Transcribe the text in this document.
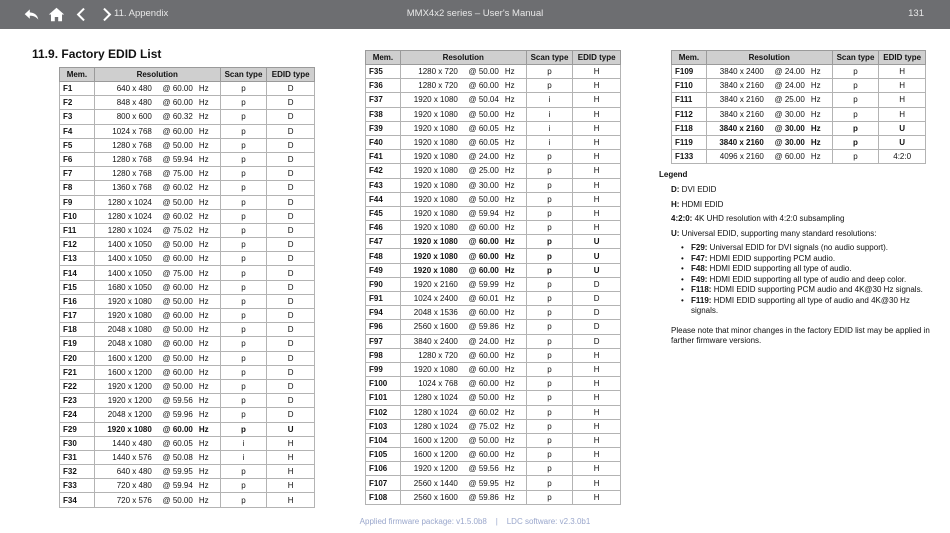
11. Appendix	MMX4x2 series – User's Manual	131
11.9. Factory EDID List
Mem.	Resolution	Scan type	EDID type
F1	640 x 480 @ 60.00 Hz	p	D
F2	848 x 480 @ 60.00 Hz	p	D
F3	800 x 600 @ 60.32 Hz	p	D
F4	1024 x 768 @ 60.00 Hz	p	D
F5	1280 x 768 @ 50.00 Hz	p	D
F6	1280 x 768 @ 59.94 Hz	p	D
F7	1280 x 768 @ 75.00 Hz	p	D
F8	1360 x 768 @ 60.02 Hz	p	D
F9	1280 x 1024 @ 50.00 Hz	p	D
F10	1280 x 1024 @ 60.02 Hz	p	D
F11	1280 x 1024 @ 75.02 Hz	p	D
F12	1400 x 1050 @ 50.00 Hz	p	D
F13	1400 x 1050 @ 60.00 Hz	p	D
F14	1400 x 1050 @ 75.00 Hz	p	D
F15	1680 x 1050 @ 60.00 Hz	p	D
F16	1920 x 1080 @ 50.00 Hz	p	D
F17	1920 x 1080 @ 60.00 Hz	p	D
F18	2048 x 1080 @ 50.00 Hz	p	D
F19	2048 x 1080 @ 60.00 Hz	p	D
F20	1600 x 1200 @ 50.00 Hz	p	D
F21	1600 x 1200 @ 60.00 Hz	p	D
F22	1920 x 1200 @ 50.00 Hz	p	D
F23	1920 x 1200 @ 59.56 Hz	p	D
F24	2048 x 1200 @ 59.96 Hz	p	D
F29	1920 x 1080 @ 60.00 Hz	p	U
F30	1440 x 480 @ 60.05 Hz	i	H
F31	1440 x 576 @ 50.08 Hz	i	H
F32	640 x 480 @ 59.95 Hz	p	H
F33	720 x 480 @ 59.94 Hz	p	H
F34	720 x 576 @ 50.00 Hz	p	H
Mem.	Resolution	Scan type	EDID type
F35	1280 x 720 @ 50.00 Hz	p	H
F36	1280 x 720 @ 60.00 Hz	p	H
F37	1920 x 1080 @ 50.04 Hz	i	H
F38	1920 x 1080 @ 50.00 Hz	i	H
F39	1920 x 1080 @ 60.05 Hz	i	H
F40	1920 x 1080 @ 60.05 Hz	i	H
F41	1920 x 1080 @ 24.00 Hz	p	H
F42	1920 x 1080 @ 25.00 Hz	p	H
F43	1920 x 1080 @ 30.00 Hz	p	H
F44	1920 x 1080 @ 50.00 Hz	p	H
F45	1920 x 1080 @ 59.94 Hz	p	H
F46	1920 x 1080 @ 60.00 Hz	p	H
F47	1920 x 1080 @ 60.00 Hz	p	U
F48	1920 x 1080 @ 60.00 Hz	p	U
F49	1920 x 1080 @ 60.00 Hz	p	U
F90	1920 x 2160 @ 59.99 Hz	p	D
F91	1024 x 2400 @ 60.01 Hz	p	D
F94	2048 x 1536 @ 60.00 Hz	p	D
F96	2560 x 1600 @ 59.86 Hz	p	D
F97	3840 x 2400 @ 24.00 Hz	p	D
F98	1280 x 720 @ 60.00 Hz	p	H
F99	1920 x 1080 @ 60.00 Hz	p	H
F100	1024 x 768 @ 60.00 Hz	p	H
F101	1280 x 1024 @ 50.00 Hz	p	H
F102	1280 x 1024 @ 60.02 Hz	p	H
F103	1280 x 1024 @ 75.02 Hz	p	H
F104	1600 x 1200 @ 50.00 Hz	p	H
F105	1600 x 1200 @ 60.00 Hz	p	H
F106	1920 x 1200 @ 59.56 Hz	p	H
F107	2560 x 1440 @ 59.95 Hz	p	H
F108	2560 x 1600 @ 59.86 Hz	p	H
Mem.	Resolution	Scan type	EDID type
F109	3840 x 2400 @ 24.00 Hz	p	H
F110	3840 x 2160 @ 24.00 Hz	p	H
F111	3840 x 2160 @ 25.00 Hz	p	H
F112	3840 x 2160 @ 30.00 Hz	p	H
F118	3840 x 2160 @ 30.00 Hz	p	U
F119	3840 x 2160 @ 30.00 Hz	p	U
F133	4096 x 2160 @ 60.00 Hz	p	4:2:0
Legend

D: DVI EDID

H: HDMI EDID

4:2:0: 4K UHD resolution with 4:2:0 subsampling

U: Universal EDID, supporting many standard resolutions:

• F29: Universal EDID for DVI signals (no audio support).
• F47: HDMI EDID supporting PCM audio.
• F48: HDMI EDID supporting all type of audio.
• F49: HDMI EDID supporting all type of audio and deep color.
• F118: HDMI EDID supporting PCM audio and 4K@30 Hz signals.
• F119: HDMI EDID supporting all type of audio and 4K@30 Hz signals.

Please note that minor changes in the factory EDID list may be applied in farther firmware versions.

Applied firmware package: v1.5.0b8    |    LDC software: v2.3.0b1
